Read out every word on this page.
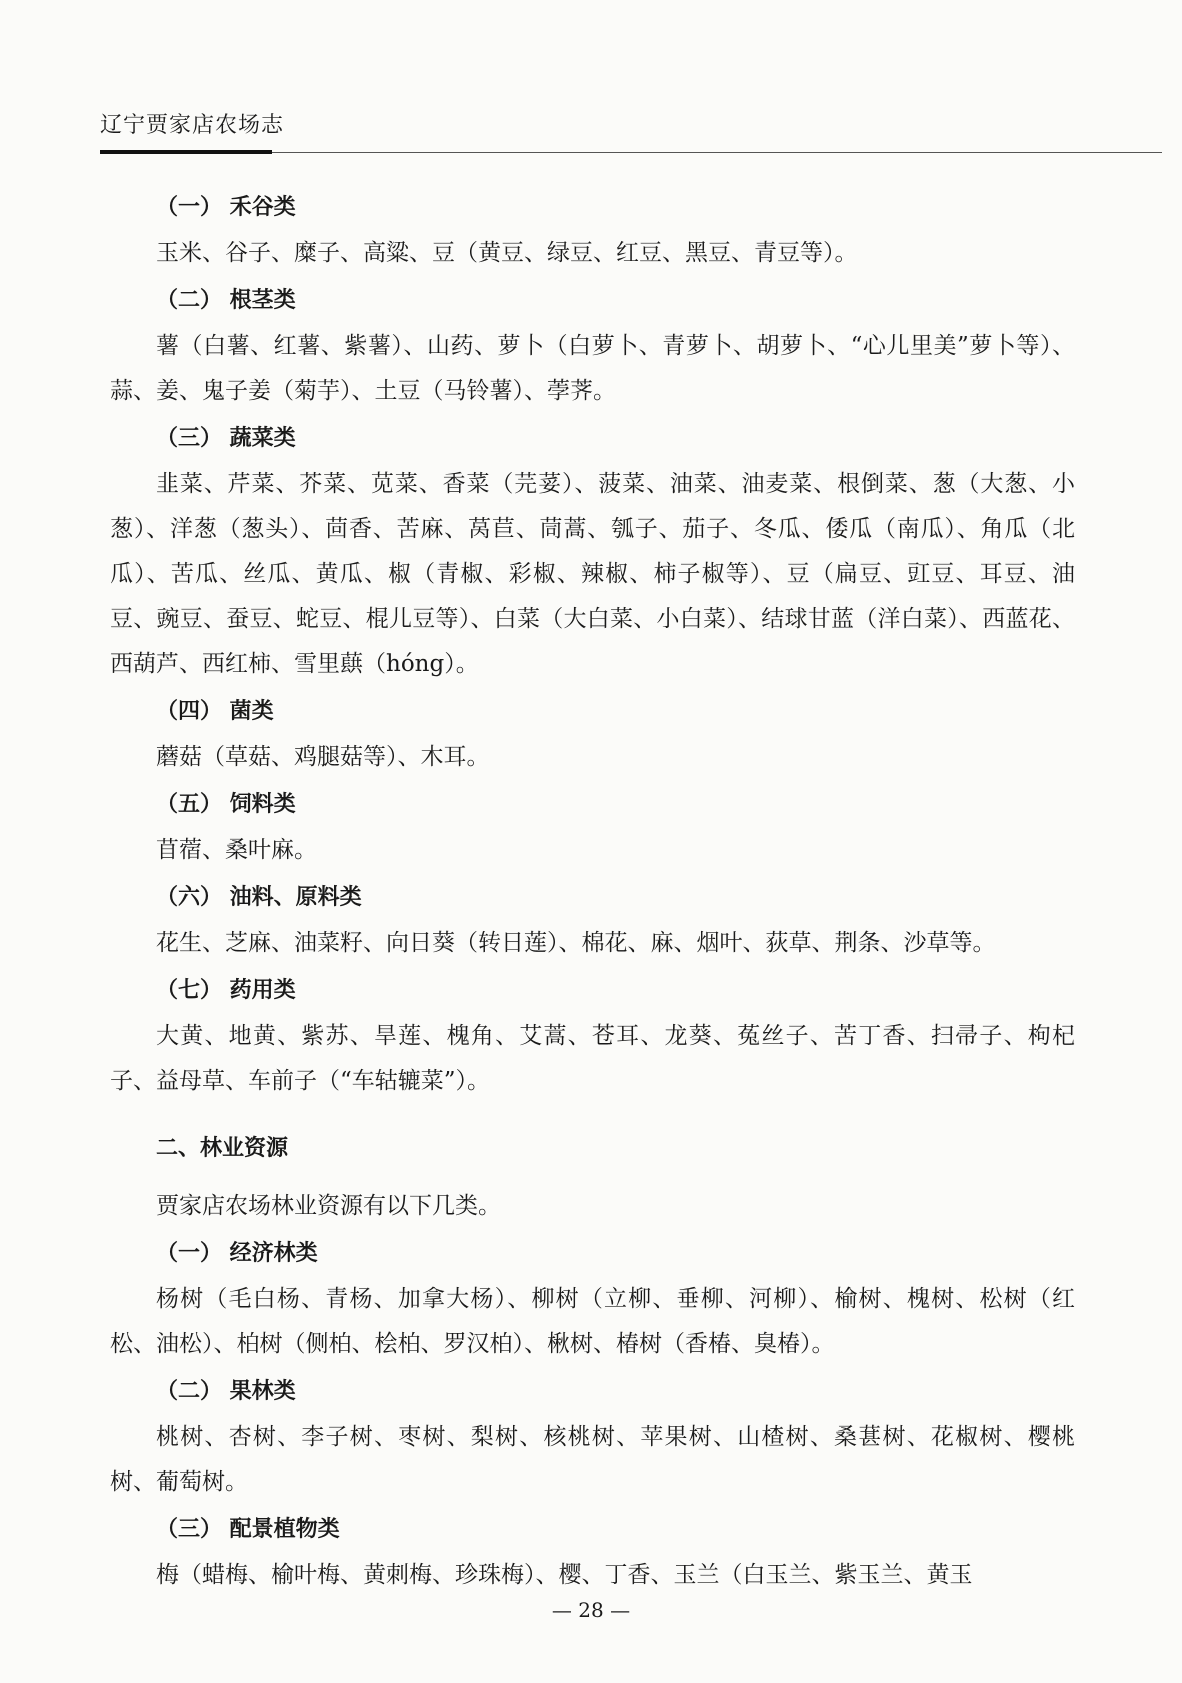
辽宁贾家店农场志
（一） 禾谷类
玉米、谷子、糜子、高粱、豆（黄豆、绿豆、红豆、黑豆、青豆等）。
（二） 根茎类
薯（白薯、红薯、紫薯）、山药、萝卜（白萝卜、青萝卜、胡萝卜、“心儿里美”萝卜等）、蒜、姜、鬼子姜（菊芋）、土豆（马铃薯）、荸荠。
（三） 蔬菜类
韭菜、芹菜、芥菜、苋菜、香菜（芫荽）、菠菜、油菜、油麦菜、根倒菜、葱（大葱、小葱）、洋葱（葱头）、茴香、苦麻、莴苣、茼蒿、瓠子、茄子、冬瓜、倭瓜（南瓜）、角瓜（北瓜）、苦瓜、丝瓜、黄瓜、椒（青椒、彩椒、辣椒、柿子椒等）、豆（扁豆、豇豆、耳豆、油豆、豌豆、蚕豆、蛇豆、棍儿豆等）、白菜（大白菜、小白菜）、结球甘蓝（洋白菜）、西蓝花、西葫芦、西红柿、雪里蕻（hóng）。
（四） 菌类
蘑菇（草菇、鸡腿菇等）、木耳。
（五） 饲料类
苜蓿、桑叶麻。
（六） 油料、原料类
花生、芝麻、油菜籽、向日葵（转日莲）、棉花、麻、烟叶、荻草、荆条、沙草等。
（七） 药用类
大黄、地黄、紫苏、旱莲、槐角、艾蒿、苍耳、龙葵、菟丝子、苦丁香、扫帚子、枸杞子、益母草、车前子（“车轱辘菜”）。
二、林业资源
贾家店农场林业资源有以下几类。
（一） 经济林类
杨树（毛白杨、青杨、加拿大杨）、柳树（立柳、垂柳、河柳）、榆树、槐树、松树（红松、油松）、柏树（侧柏、桧柏、罗汉柏）、楸树、椿树（香椿、臭椿）。
（二） 果林类
桃树、杏树、李子树、枣树、梨树、核桃树、苹果树、山楂树、桑葚树、花椒树、樱桃树、葡萄树。
（三） 配景植物类
梅（蜡梅、榆叶梅、黄刺梅、珍珠梅）、樱、丁香、玉兰（白玉兰、紫玉兰、黄玉
— 28 —
